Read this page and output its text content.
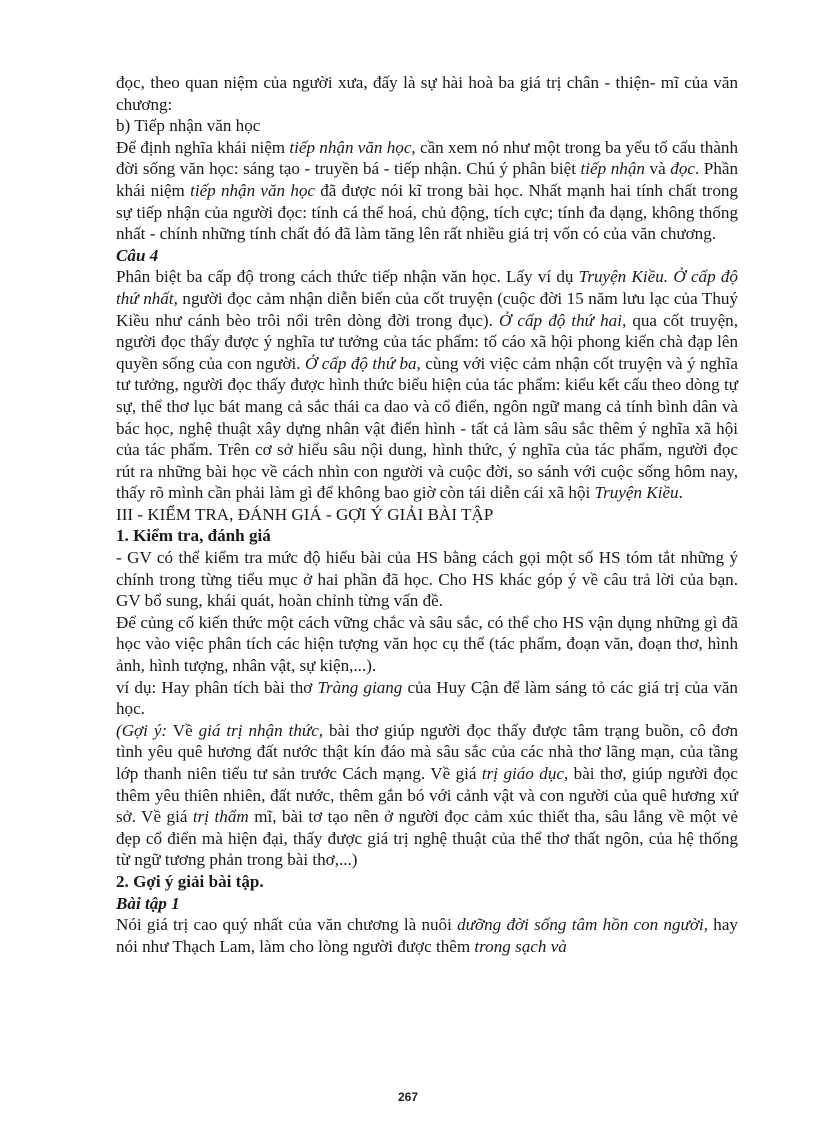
đọc, theo quan niệm của người xưa, đấy là sự hài hoà ba giá trị chân - thiện- mĩ của văn chương:

b) Tiếp nhận văn học

Để định nghĩa khái niệm tiếp nhận văn học, cần xem nó như một trong ba yếu tố cấu thành đời sống văn học: sáng tạo - truyền bá - tiếp nhận. Chú ý phân biệt tiếp nhận và đọc. Phần khái niệm tiếp nhận văn học đã được nói kĩ trong bài học. Nhất mạnh hai tính chất trong sự tiếp nhận của người đọc: tính cá thể hoá, chủ động, tích cực; tính đa dạng, không thống nhất - chính những tính chất đó đã làm tăng lên rất nhiều giá trị vốn có của văn chương.

Câu 4

Phân biệt ba cấp độ trong cách thức tiếp nhận văn học. Lấy ví dụ Truyện Kiều. Ở cấp độ thứ nhất, người đọc cảm nhận diễn biến của cốt truyện (cuộc đời 15 năm lưu lạc của Thuý Kiều như cánh bèo trôi nổi trên dòng đời trong đục). Ở cấp độ thứ hai, qua cốt truyện, người đọc thấy được ý nghĩa tư tưởng của tác phẩm: tố cáo xã hội phong kiến chà đạp lên quyền sống của con người. Ở cấp độ thứ ba, cùng với việc cảm nhận cốt truyện và ý nghĩa tư tưởng, người đọc thấy được hình thức biểu hiện của tác phẩm: kiểu kết cấu theo dòng tự sự, thể thơ lục bát mang cả sắc thái ca dao và cổ điển, ngôn ngữ mang cả tính bình dân và bác học, nghệ thuật xây dựng nhân vật điển hình - tất cả làm sâu sắc thêm ý nghĩa xã hội của tác phẩm. Trên cơ sở hiểu sâu nội dung, hình thức, ý nghĩa của tác phẩm, người đọc rút ra những bài học về cách nhìn con người và cuộc đời, so sánh với cuộc sống hôm nay, thấy rõ mình cần phải làm gì để không bao giờ còn tái diễn cái xã hội Truyện Kiều.

III - KIỂM TRA, ĐÁNH GIÁ - GỢI Ý GIẢI BÀI TẬP

1. Kiểm tra, đánh giá

- GV có thể kiểm tra mức độ hiểu bài của HS bằng cách gọi một số HS tóm tắt những ý chính trong từng tiểu mục ở hai phần đã học. Cho HS khác góp ý về câu trả lời của bạn. GV bổ sung, khái quát, hoàn chỉnh từng vấn đề.

Để củng cố kiến thức một cách vững chắc và sâu sắc, có thể cho HS vận dụng những gì đã học vào việc phân tích các hiện tượng văn học cụ thể (tác phẩm, đoạn văn, đoạn thơ, hình ảnh, hình tượng, nhân vật, sự kiện,...).

ví dụ: Hay phân tích bài thơ Tràng giang của Huy Cận để làm sáng tỏ các giá trị của văn học.

(Gợi ý: Về giá trị nhận thức, bài thơ giúp người đọc thấy được tâm trạng buồn, cô đơn tình yêu quê hương đất nước thật kín đáo mà sâu sắc của các nhà thơ lãng mạn, của tầng lớp thanh niên tiểu tư sản trước Cách mạng. Về giá trị giáo dục, bài thơ, giúp người đọc thêm yêu thiên nhiên, đất nước, thêm gắn bó với cảnh vật và con người của quê hương xứ sở. Về giá trị thẩm mĩ, bài tơ tạo nên ở người đọc cảm xúc thiết tha, sâu lắng về một vẻ đẹp cổ điển mà hiện đại, thấy được giá trị nghệ thuật của thể thơ thất ngôn, của hệ thống từ ngữ tương phản trong bài thơ,...)

2. Gợi ý giải bài tập.

Bài tập 1

Nói giá trị cao quý nhất của văn chương là nuôi dưỡng đời sống tâm hồn con người, hay nói như Thạch Lam, làm cho lòng người được thêm trong sạch và

267
